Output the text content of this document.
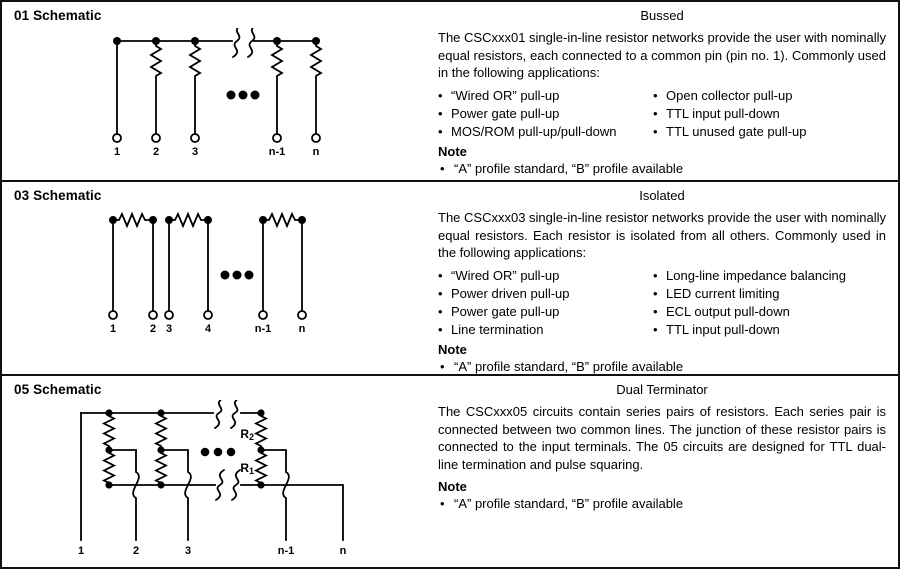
01 Schematic
1	2	3	n-1 n
Bussed

The CSCxxx01 single-in-line resistor networks provide the user with nominally equal resistors, each connected to a common pin (pin no. 1). Commonly used in the following applications:

• “Wired OR” pull-up
• Power gate pull-up
• MOS/ROM pull-up/pull-down
• Open collector pull-up
• TTL input pull-down
• TTL unused gate pull-up
Note
• “A” profile standard, “B” profile available
03 Schematic
1	2 3	4	n-1 n
Isolated

The CSCxxx03 single-in-line resistor networks provide the user with nominally equal resistors. Each resistor is isolated from all others. Commonly used in the following applications:

• “Wired OR” pull-up
• Power driven pull-up
• Power gate pull-up
• Line termination
• Long-line impedance balancing
• LED current limiting
• ECL output pull-down
• TTL input pull-down
Note
• “A” profile standard, “B” profile available
05 Schematic
R2
R1
1	2	3	n-1	n
Dual Terminator

The CSCxxx05 circuits contain series pairs of resistors. Each series pair is connected between two common lines. The junction of these resistor pairs is connected to the input terminals. The 05 circuits are designed for TTL dual-line termination and pulse squaring.

Note
• “A” profile standard, “B” profile available
